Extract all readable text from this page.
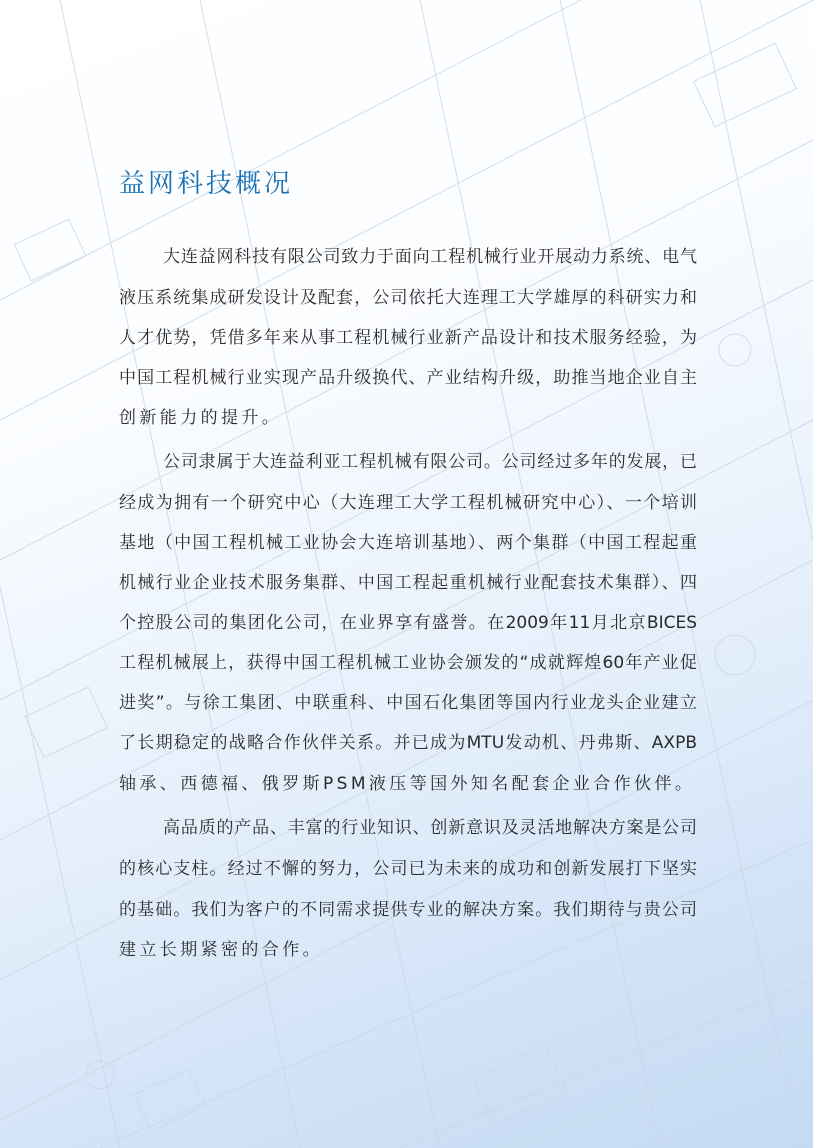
益网科技概况
大连益网科技有限公司致力于面向工程机械行业开展动力系统、电气
液压系统集成研发设计及配套，公司依托大连理工大学雄厚的科研实力和
人才优势，凭借多年来从事工程机械行业新产品设计和技术服务经验，为
中国工程机械行业实现产品升级换代、产业结构升级，助推当地企业自主
创新能力的提升。
公司隶属于大连益利亚工程机械有限公司。公司经过多年的发展，已
经成为拥有一个研究中心（大连理工大学工程机械研究中心）、一个培训
基地（中国工程机械工业协会大连培训基地）、两个集群（中国工程起重
机械行业企业技术服务集群、中国工程起重机械行业配套技术集群）、四
个控股公司的集团化公司，在业界享有盛誉。在2009年11月北京BICES
工程机械展上，获得中国工程机械工业协会颁发的“成就辉煌60年产业促
进奖”。与徐工集团、中联重科、中国石化集团等国内行业龙头企业建立
了长期稳定的战略合作伙伴关系。并已成为MTU发动机、丹弗斯、AXPB
轴承、西德福、俄罗斯PSM液压等国外知名配套企业合作伙伴。
高品质的产品、丰富的行业知识、创新意识及灵活地解决方案是公司
的核心支柱。经过不懈的努力，公司已为未来的成功和创新发展打下坚实
的基础。我们为客户的不同需求提供专业的解决方案。我们期待与贵公司
建立长期紧密的合作。
